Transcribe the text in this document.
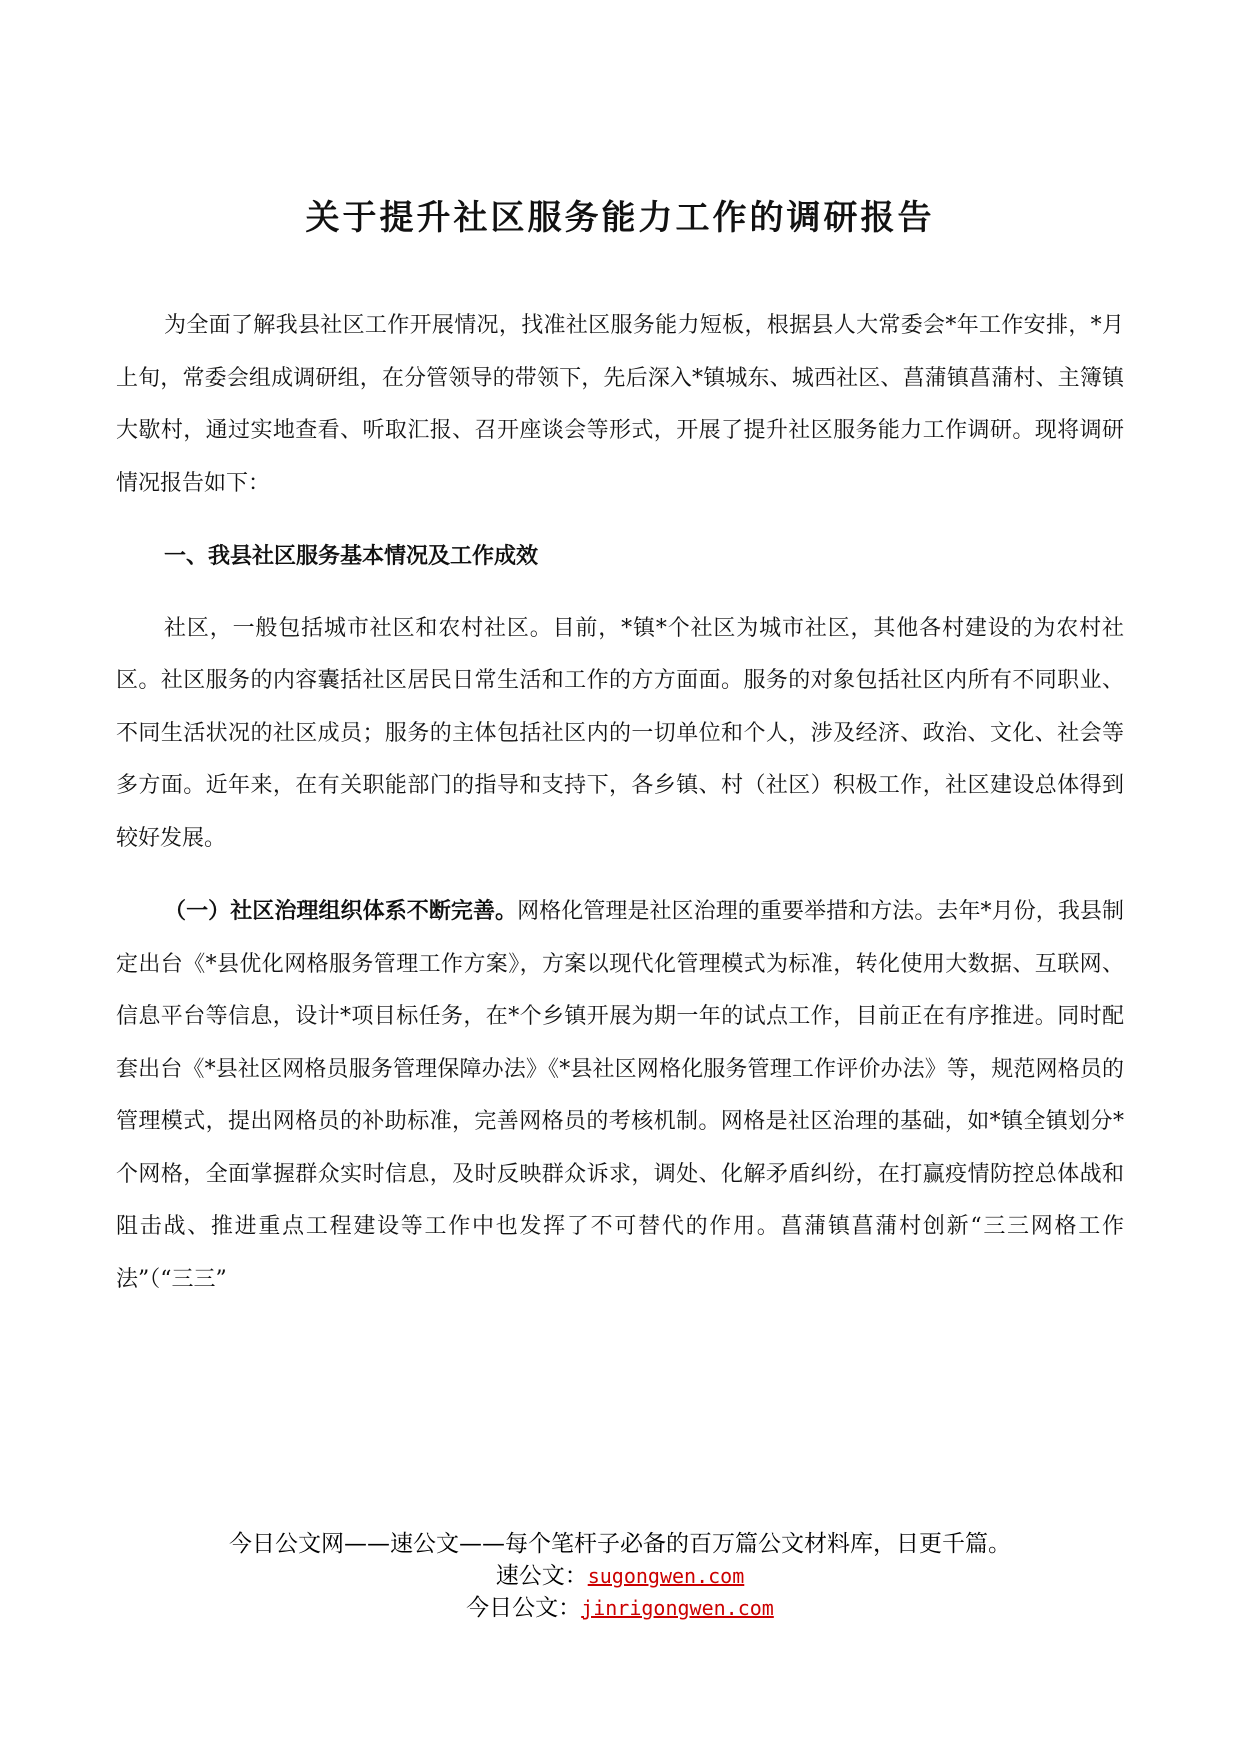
关于提升社区服务能力工作的调研报告

为全面了解我县社区工作开展情况，找准社区服务能力短板，根据县人大常委会*年工作安排，*月上旬，常委会组成调研组，在分管领导的带领下，先后深入*镇城东、城西社区、菖蒲镇菖蒲村、主簿镇大歇村，通过实地查看、听取汇报、召开座谈会等形式，开展了提升社区服务能力工作调研。现将调研情况报告如下：

一、我县社区服务基本情况及工作成效

社区，一般包括城市社区和农村社区。目前，*镇*个社区为城市社区，其他各村建设的为农村社区。社区服务的内容囊括社区居民日常生活和工作的方方面面。服务的对象包括社区内所有不同职业、不同生活状况的社区成员；服务的主体包括社区内的一切单位和个人，涉及经济、政治、文化、社会等多方面。近年来，在有关职能部门的指导和支持下，各乡镇、村（社区）积极工作，社区建设总体得到较好发展。

（一）社区治理组织体系不断完善。网格化管理是社区治理的重要举措和方法。去年*月份，我县制定出台《*县优化网格服务管理工作方案》，方案以现代化管理模式为标准，转化使用大数据、互联网、信息平台等信息，设计*项目标任务，在*个乡镇开展为期一年的试点工作，目前正在有序推进。同时配套出台《*县社区网格员服务管理保障办法》《*县社区网格化服务管理工作评价办法》等，规范网格员的管理模式，提出网格员的补助标准，完善网格员的考核机制。网格是社区治理的基础，如*镇全镇划分*个网格，全面掌握群众实时信息，及时反映群众诉求，调处、化解矛盾纠纷，在打赢疫情防控总体战和阻击战、推进重点工程建设等工作中也发挥了不可替代的作用。菖蒲镇菖蒲村创新“三三网格工作法”（“三三”

今日公文网——速公文——每个笔杆子必备的百万篇公文材料库，日更千篇。
速公文：sugongwen.com
今日公文：jinrigongwen.com
